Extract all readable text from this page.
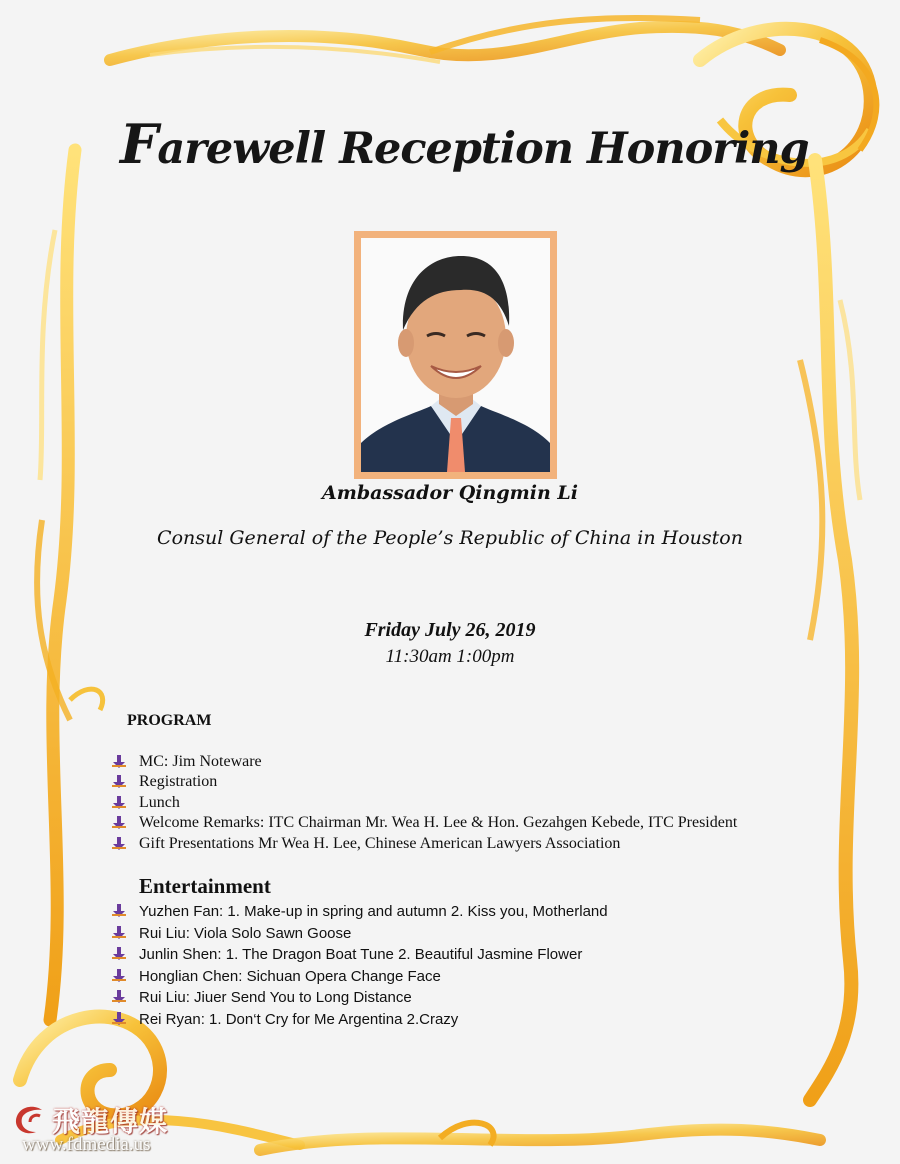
Farewell Reception Honoring
Ambassador Qingmin Li
Consul General of the People’s Republic of China in Houston
Friday July 26, 2019
11:30am 1:00pm
PROGRAM
MC: Jim Noteware
Registration
Lunch
Welcome Remarks: ITC Chairman Mr. Wea H. Lee & Hon. Gezahgen Kebede, ITC President
Gift Presentations Mr Wea H. Lee, Chinese American Lawyers Association
Entertainment
Yuzhen Fan: 1. Make-up in spring and autumn 2. Kiss you, Motherland
Rui Liu: Viola Solo Sawn Goose
Junlin Shen: 1. The Dragon Boat Tune 2. Beautiful Jasmine Flower
Honglian Chen: Sichuan Opera Change Face
Rui Liu: Jiuer Send You to Long Distance
Rei Ryan: 1. Don‘t Cry for Me Argentina 2.Crazy
飛龍傳媒
www.fdmedia.us
